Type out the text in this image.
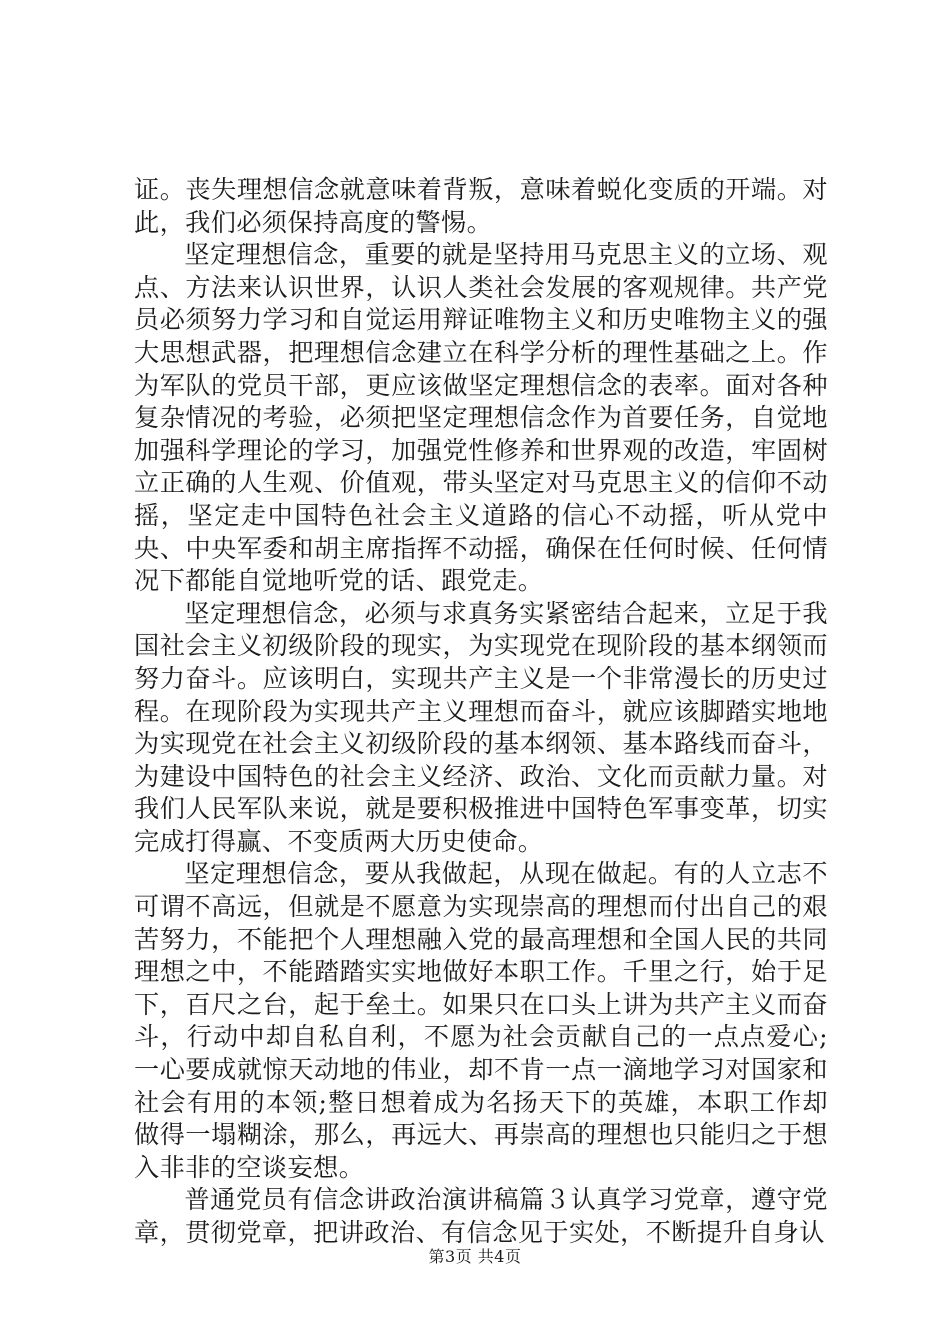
证。丧失理想信念就意味着背叛，意味着蜕化变质的开端。对此，我们必须保持高度的警惕。

坚定理想信念，重要的就是坚持用马克思主义的立场、观点、方法来认识世界，认识人类社会发展的客观规律。共产党员必须努力学习和自觉运用辩证唯物主义和历史唯物主义的强大思想武器，把理想信念建立在科学分析的理性基础之上。作为军队的党员干部，更应该做坚定理想信念的表率。面对各种复杂情况的考验，必须把坚定理想信念作为首要任务，自觉地加强科学理论的学习，加强党性修养和世界观的改造，牢固树立正确的人生观、价值观，带头坚定对马克思主义的信仰不动摇，坚定走中国特色社会主义道路的信心不动摇，听从党中央、中央军委和胡主席指挥不动摇，确保在任何时候、任何情况下都能自觉地听党的话、跟党走。

坚定理想信念，必须与求真务实紧密结合起来，立足于我国社会主义初级阶段的现实，为实现党在现阶段的基本纲领而努力奋斗。应该明白，实现共产主义是一个非常漫长的历史过程。在现阶段为实现共产主义理想而奋斗，就应该脚踏实地地为实现党在社会主义初级阶段的基本纲领、基本路线而奋斗，为建设中国特色的社会主义经济、政治、文化而贡献力量。对我们人民军队来说，就是要积极推进中国特色军事变革，切实完成打得赢、不变质两大历史使命。

坚定理想信念，要从我做起，从现在做起。有的人立志不可谓不高远，但就是不愿意为实现崇高的理想而付出自己的艰苦努力，不能把个人理想融入党的最高理想和全国人民的共同理想之中，不能踏踏实实地做好本职工作。千里之行，始于足下，百尺之台，起于垒土。如果只在口头上讲为共产主义而奋斗，行动中却自私自利，不愿为社会贡献自己的一点点爱心;一心要成就惊天动地的伟业，却不肯一点一滴地学习对国家和社会有用的本领;整日想着成为名扬天下的英雄，本职工作却做得一塌糊涂，那么，再远大、再崇高的理想也只能归之于想入非非的空谈妄想。

普通党员有信念讲政治演讲稿篇３认真学习党章，遵守党章，贯彻党章，把讲政治、有信念见于实处，不断提升自身认

第3页 共4页
